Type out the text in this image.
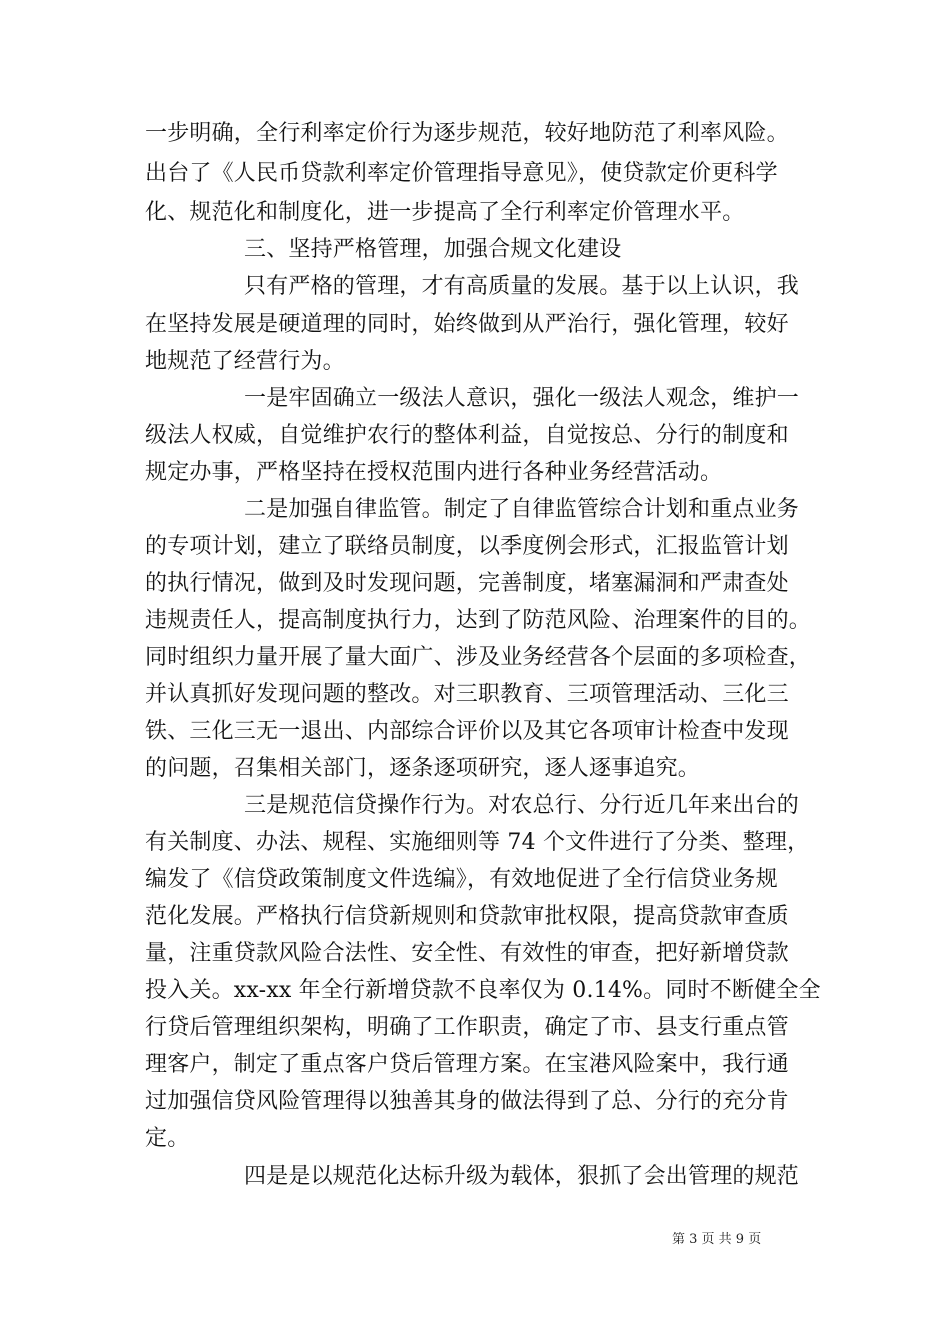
一步明确，全行利率定价行为逐步规范，较好地防范了利率风险。
出台了《人民币贷款利率定价管理指导意见》，使贷款定价更科学
化、规范化和制度化，进一步提高了全行利率定价管理水平。
三、坚持严格管理，加强合规文化建设
只有严格的管理，才有高质量的发展。基于以上认识，我
在坚持发展是硬道理的同时，始终做到从严治行，强化管理，较好
地规范了经营行为。
一是牢固确立一级法人意识，强化一级法人观念，维护一
级法人权威，自觉维护农行的整体利益，自觉按总、分行的制度和
规定办事，严格坚持在授权范围内进行各种业务经营活动。
二是加强自律监管。制定了自律监管综合计划和重点业务
的专项计划，建立了联络员制度，以季度例会形式，汇报监管计划
的执行情况，做到及时发现问题，完善制度，堵塞漏洞和严肃查处
违规责任人，提高制度执行力，达到了防范风险、治理案件的目的。
同时组织力量开展了量大面广、涉及业务经营各个层面的多项检查，
并认真抓好发现问题的整改。对三职教育、三项管理活动、三化三
铁、三化三无一退出、内部综合评价以及其它各项审计检查中发现
的问题，召集相关部门，逐条逐项研究，逐人逐事追究。
三是规范信贷操作行为。对农总行、分行近几年来出台的
有关制度、办法、规程、实施细则等 74 个文件进行了分类、整理，
编发了《信贷政策制度文件选编》，有效地促进了全行信贷业务规
范化发展。严格执行信贷新规则和贷款审批权限，提高贷款审查质
量，注重贷款风险合法性、安全性、有效性的审查，把好新增贷款
投入关。xx-xx 年全行新增贷款不良率仅为 0.14%。同时不断健全全
行贷后管理组织架构，明确了工作职责，确定了市、县支行重点管
理客户，制定了重点客户贷后管理方案。在宝港风险案中，我行通
过加强信贷风险管理得以独善其身的做法得到了总、分行的充分肯
定。
四是是以规范化达标升级为载体，狠抓了会出管理的规范
第 3 页 共 9 页
